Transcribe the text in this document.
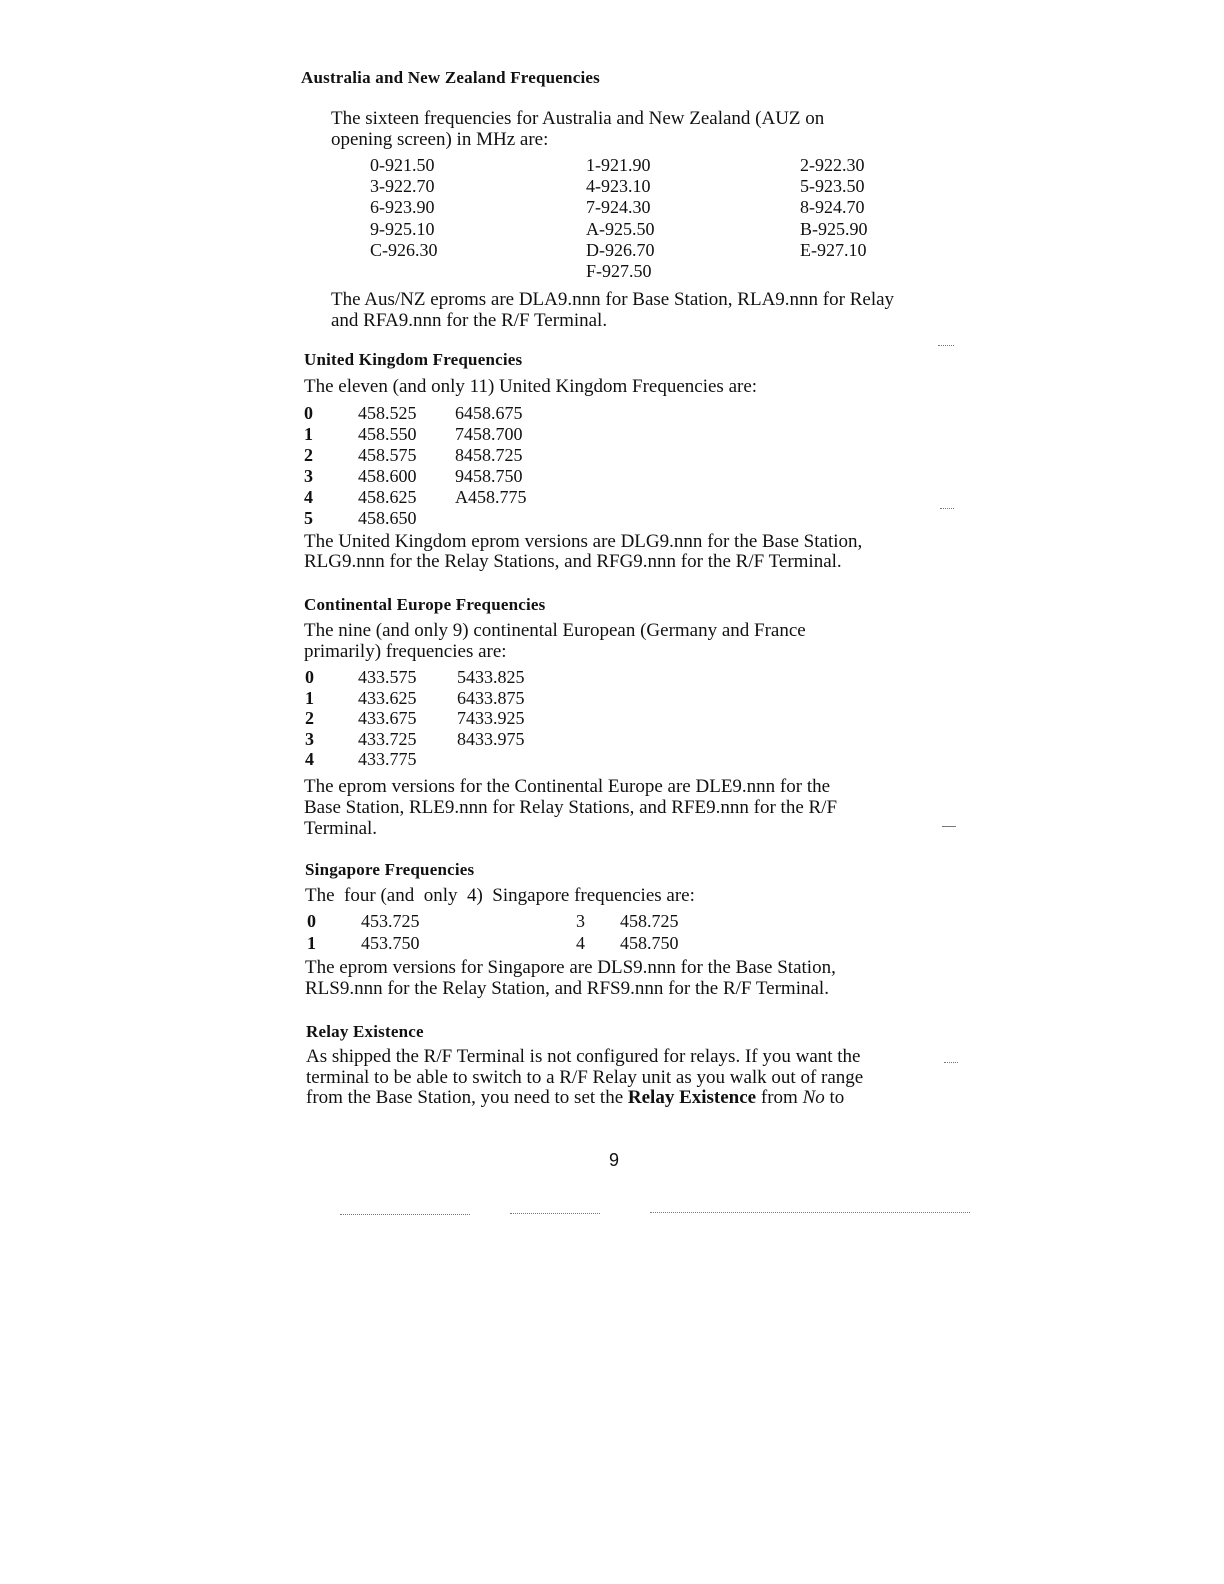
Australia and New Zealand Frequencies
The sixteen frequencies for Australia and New Zealand (AUZ on
opening screen) in MHz are:
0-921.50	1-921.90	2-922.30
3-922.70	4-923.10	5-923.50
6-923.90	7-924.30	8-924.70
9-925.10	A-925.50	B-925.90
C-926.30	D-926.70	E-927.10
F-927.50
The Aus/NZ eproms are DLA9.nnn for Base Station, RLA9.nnn for Relay
and RFA9.nnn for the R/F Terminal.
United Kingdom Frequencies
The eleven (and only 11) United Kingdom Frequencies are:
0	458.525 6458.675
1	458.550 7458.700
2	458.575 8458.725
3	458.600 9458.750
4	458.625 A458.775
5	458.650
The United Kingdom eprom versions are DLG9.nnn for the Base Station,
RLG9.nnn for the Relay Stations, and RFG9.nnn for the R/F Terminal.
Continental Europe Frequencies
The nine (and only 9) continental European (Germany and France
primarily) frequencies are:
0 433.575 5433.825
1 433.625 6433.875
2 433.675 7433.925
3 433.725 8433.975
4 433.775
The eprom versions for the Continental Europe are DLE9.nnn for the
Base Station, RLE9.nnn for Relay Stations, and RFE9.nnn for the R/F
Terminal.
Singapore Frequencies
The  four (and  only  4)  Singapore frequencies are:
0	453.725	3 458.725
1	453.750	4 458.750
The eprom versions for Singapore are DLS9.nnn for the Base Station,
RLS9.nnn for the Relay Station, and RFS9.nnn for the R/F Terminal.
Relay Existence
As shipped the R/F Terminal is not configured for relays. If you want the
terminal to be able to switch to a R/F Relay unit as you walk out of range
from the Base Station, you need to set the Relay Existence from No to
9
